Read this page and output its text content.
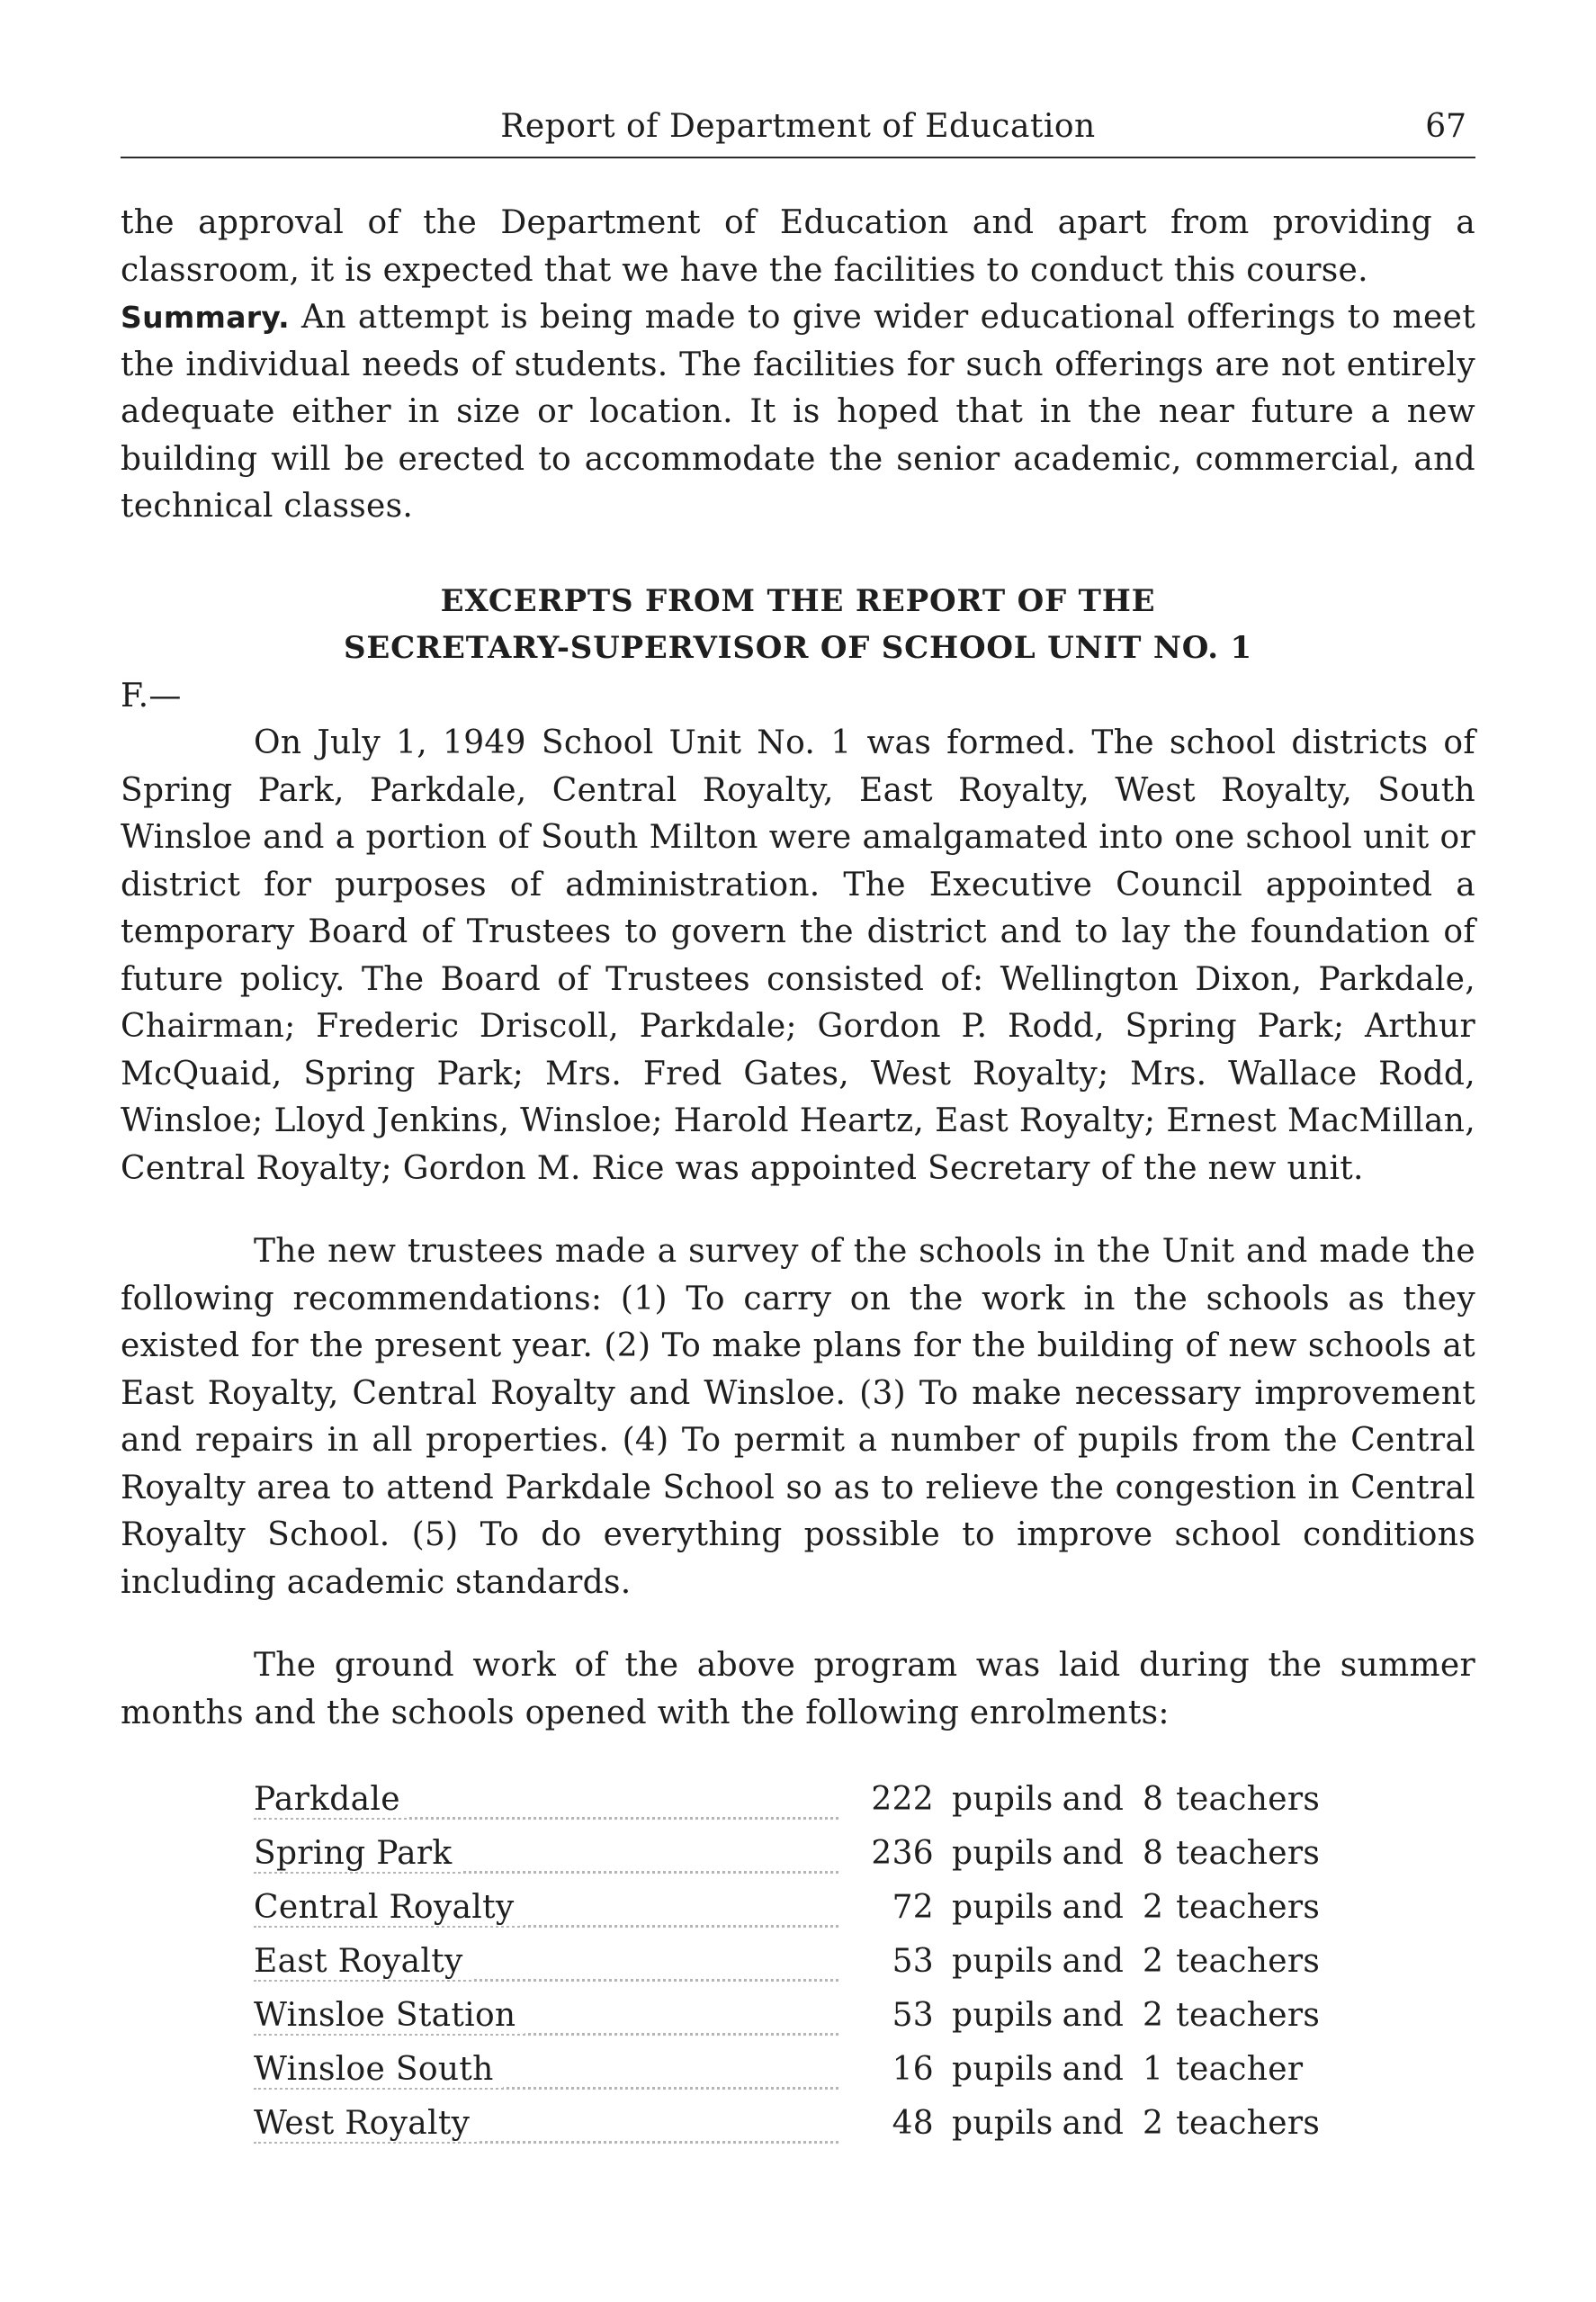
Report of Department of Education	67

the approval of the Department of Education and apart from providing a classroom, it is expected that we have the facilities to conduct this course.
Summary. An attempt is being made to give wider educational offerings to meet the individual needs of students. The facilities for such offerings are not entirely adequate either in size or location. It is hoped that in the near future a new building will be erected to accommodate the senior academic, commercial, and technical classes.

EXCERPTS FROM THE REPORT OF THE
SECRETARY-SUPERVISOR OF SCHOOL UNIT NO. 1

F.—

On July 1, 1949 School Unit No. 1 was formed. The school districts of Spring Park, Parkdale, Central Royalty, East Royalty, West Royalty, South Winsloe and a portion of South Milton were amalgamated into one school unit or district for purposes of administration. The Executive Council appointed a temporary Board of Trustees to govern the district and to lay the foundation of future policy. The Board of Trustees consisted of: Wellington Dixon, Parkdale, Chairman; Frederic Driscoll, Parkdale; Gordon P. Rodd, Spring Park; Arthur McQuaid, Spring Park; Mrs. Fred Gates, West Royalty; Mrs. Wallace Rodd, Winsloe; Lloyd Jenkins, Winsloe; Harold Heartz, East Royalty; Ernest MacMillan, Central Royalty; Gordon M. Rice was appointed Secretary of the new unit.

The new trustees made a survey of the schools in the Unit and made the following recommendations: (1) To carry on the work in the schools as they existed for the present year. (2) To make plans for the building of new schools at East Royalty, Central Royalty and Winsloe. (3) To make necessary improvement and repairs in all properties. (4) To permit a number of pupils from the Central Royalty area to attend Parkdale School so as to relieve the congestion in Central Royalty School. (5) To do everything possible to improve school conditions including academic standards.

The ground work of the above program was laid during the summer months and the schools opened with the following enrolments:

Parkdale	222	pupils	and	8	teachers

Spring Park	236	pupils	and	8	teachers

Central Royalty	72	pupils	and	2	teachers

East Royalty	53	pupils	and	2	teachers

Winsloe Station	53	pupils	and	2	teachers

Winsloe South	16	pupils	and	1	teacher

West Royalty	48	pupils	and	2	teachers
